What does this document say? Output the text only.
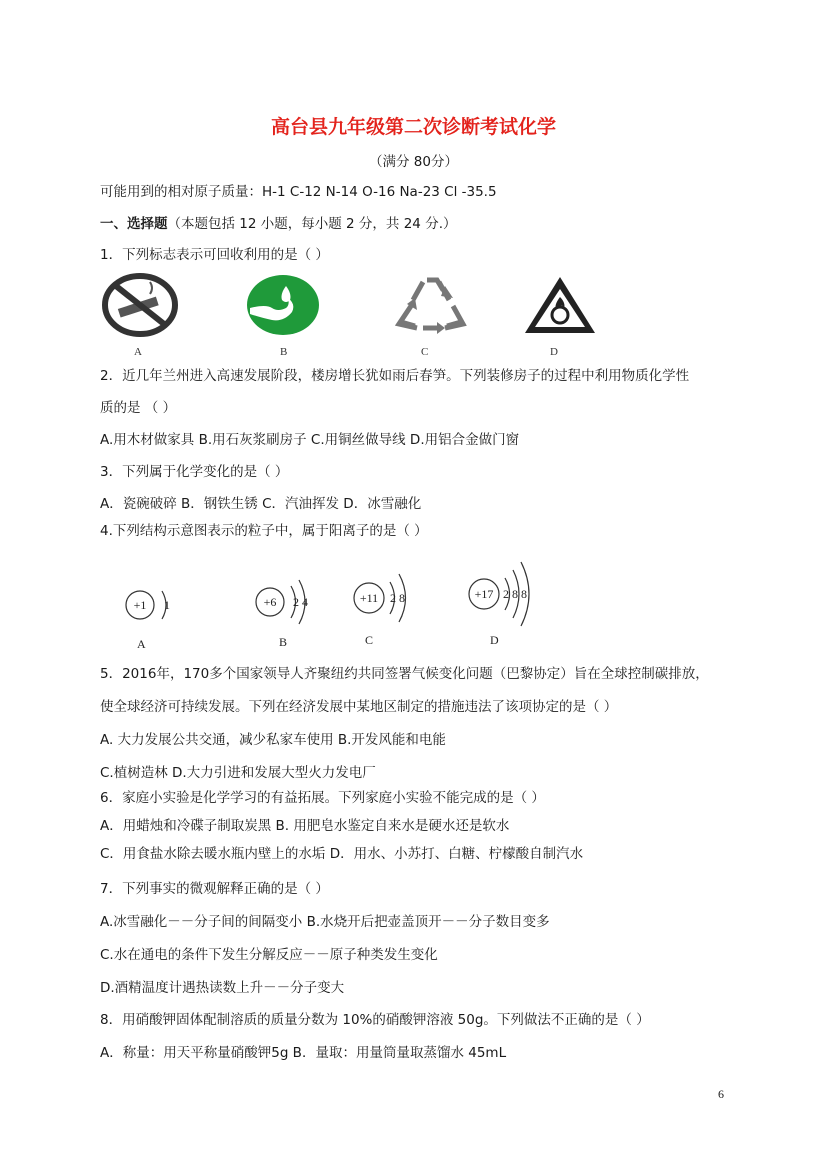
高台县九年级第二次诊断考试化学
（满分 80分）
可能用到的相对原子质量：H-1 C-12 N-14 O-16 Na-23 Cl -35.5
一、选择题（本题包括 12 小题，每小题 2 分，共 24 分.）
1．下列标志表示可回收利用的是（ ）
A	B	C	D
2．近几年兰州进入高速发展阶段，楼房增长犹如雨后春笋。下列装修房子的过程中利用物质化学性
质的是 （ ）
A.用木材做家具 B.用石灰浆刷房子 C.用铜丝做导线 D.用铝合金做门窗
3．下列属于化学变化的是（ ）
A．瓷碗破碎 B．钢铁生锈 C．汽油挥发 D．冰雪融化
4.下列结构示意图表示的粒子中，属于阳离子的是（ ）
+1 1
A
+6 2 4
B
+11 2 8
C
+17 2 8 8
D
5．2016年，170多个国家领导人齐聚纽约共同签署气候变化问题（巴黎协定）旨在全球控制碳排放，
使全球经济可持续发展。下列在经济发展中某地区制定的措施违法了该项协定的是（ ）
A. 大力发展公共交通，减少私家车使用 B.开发风能和电能
C.植树造林 D.大力引进和发展大型火力发电厂
6．家庭小实验是化学学习的有益拓展。下列家庭小实验不能完成的是（ ）
A．用蜡烛和冷碟子制取炭黑 B. 用肥皂水鉴定自来水是硬水还是软水
C．用食盐水除去暖水瓶内壁上的水垢 D．用水、小苏打、白糖、柠檬酸自制汽水
7．下列事实的微观解释正确的是（ ）
A.冰雪融化－－分子间的间隔变小 B.水烧开后把壶盖顶开－－分子数目变多
C.水在通电的条件下发生分解反应－－原子种类发生变化
D.酒精温度计遇热读数上升－－分子变大
8．用硝酸钾固体配制溶质的质量分数为 10%的硝酸钾溶液 50g。下列做法不正确的是（ ）
A．称量：用天平称量硝酸钾5g B．量取：用量筒量取蒸馏水 45mL
6
